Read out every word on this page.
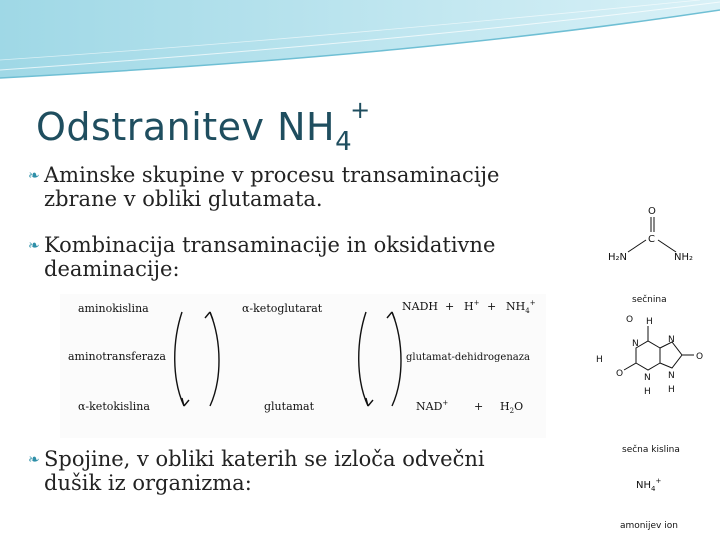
Odstranitev $NH_4^+$
❧ Aminske skupine v procesu transaminacije
zbrane v obliki glutamata.
❧ Kombinacija transaminacije in oksidativne
deaminacije:
aminokislina
aminotransferaza
α-ketokislina
α-ketoglutarat
glutamat
NADH + $H^+ + NH_4^+$
glutamat-dehidrogenaza
$NAD^+ + H_2O$
❧ Spojine, v obliki katerih se izloča odvečni
dušik iz organizma:
O
C
H₂N	NH₂
sečnina
H
N
H
O N
N
N
H
H
O
O
sečna kislina
$NH_4^+$
amonijev ion
